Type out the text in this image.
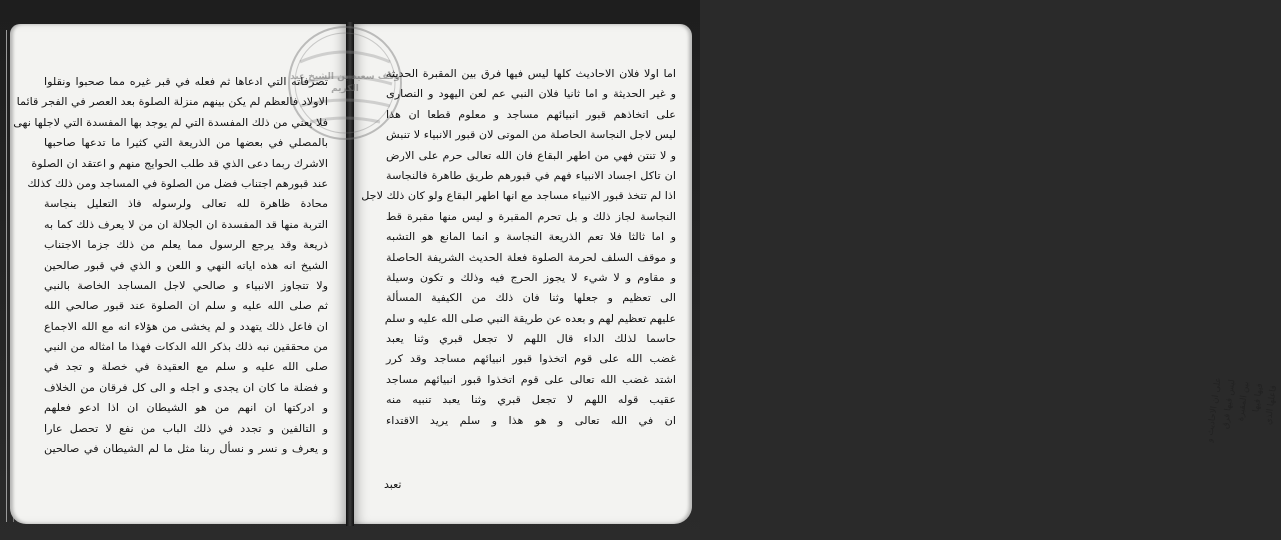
وقف سعيد بن الشيخ عبد الكريم
تصرفاته التي ادعاها ثم فعله في قبر غيره مما صحبوا ونقلوا
الاولاد فالعظم لم يكن بينهم منزلة الصلوة بعد العصر في الفجر قائما
فلا يعني من ذلك المفسدة التي لم يوجد بها المفسدة التي لاجلها نهى
بالمصلي في بعضها من الذريعة التي كثيرا ما تدعها صاحبها
الاشرك ربما دعى الذي قد طلب الحوايج منهم و اعتقد ان الصلوة
عند قبورهم اجتناب فضل من الصلوة في المساجد ومن ذلك كذلك
محادة ظاهرة لله تعالى ولرسوله فاذ التعليل بنجاسة
التربة منها قد المفسدة ان الجلالة ان من لا يعرف ذلك كما به
ذريعة وقد يرجع الرسول مما يعلم من ذلك جزما الاجتناب
الشيخ انه هذه اياته النهي و اللعن و الذي في قبور صالحين
ولا تتجاوز الانبياء و صالحي لاجل المساجد الخاصة بالنبي
ثم صلى الله عليه و سلم ان الصلوة عند قبور صالحي الله
ان فاعل ذلك يتهدد و لم يخشى من هؤلاء انه مع الله الاجماع
من محققين نبه ذلك بذكر الله الدكات فهذا ما امثاله من النبي
صلى الله عليه و سلم مع العقيدة في خصلة و تجد في
و فضلة ما كان ان يجدى و اجله و الى كل فرقان من الخلاف
و ادركتها ان انهم من هو الشيطان ان اذا ادعو فعلهم
و التالفين و تجدد في ذلك الباب من نفع لا تحصل عارا
و يعرف و نسر و نسأل ربنا مثل ما لم الشيطان في صالحين
اما اولا فلان الاحاديث كلها ليس فيها فرق بين المقبرة الحديثة
و غير الحديثة و اما ثانيا فلان النبي عم لعن اليهود و النصارى
على اتخاذهم قبور انبيائهم مساجد و معلوم قطعا ان هذا
ليس لاجل النجاسة الحاصلة من الموتى لان قبور الانبياء لا تنبش
و لا تنتن فهي من اطهر البقاع فان الله تعالى حرم على الارض
ان تاكل اجساد الانبياء فهم في قبورهم طريق طاهرة فالنجاسة
اذا لم تتخذ قبور الانبياء مساجد مع انها اطهر البقاع ولو كان ذلك لاجل
النجاسة لجاز ذلك و بل تحرم المقبرة و ليس منها مقبرة قط
و اما ثالثا فلا تعم الذريعة النجاسة و انما المانع هو التشبه
و موقف السلف لحرمة الصلوة فعلة الحديث الشريفة الحاصلة
و مقاوم و لا شيء لا يجوز الحرج فيه وذلك و تكون وسيلة
الى تعظيم و جعلها وثنا فان ذلك من الكيفية المسألة
عليهم تعظيم لهم و بعده عن طريقة النبي صلى الله عليه و سلم
حاسما لذلك الداء قال اللهم لا تجعل قبري وثنا يعبد
غضب الله على قوم اتخذوا قبور انبيائهم مساجد وقد كرر
اشتد غضب الله تعالى على قوم اتخذوا قبور انبيائهم مساجد
عقيب قوله اللهم لا تجعل قبري وثنا يعبد تنبيه منه
ان في الله تعالى و هو هذا و سلم يريد الاقتداء	على ان الاحاديث و
ليس فيها فرق
بين المقبرة فيها فيها
فاعلها الذي
تعبد
